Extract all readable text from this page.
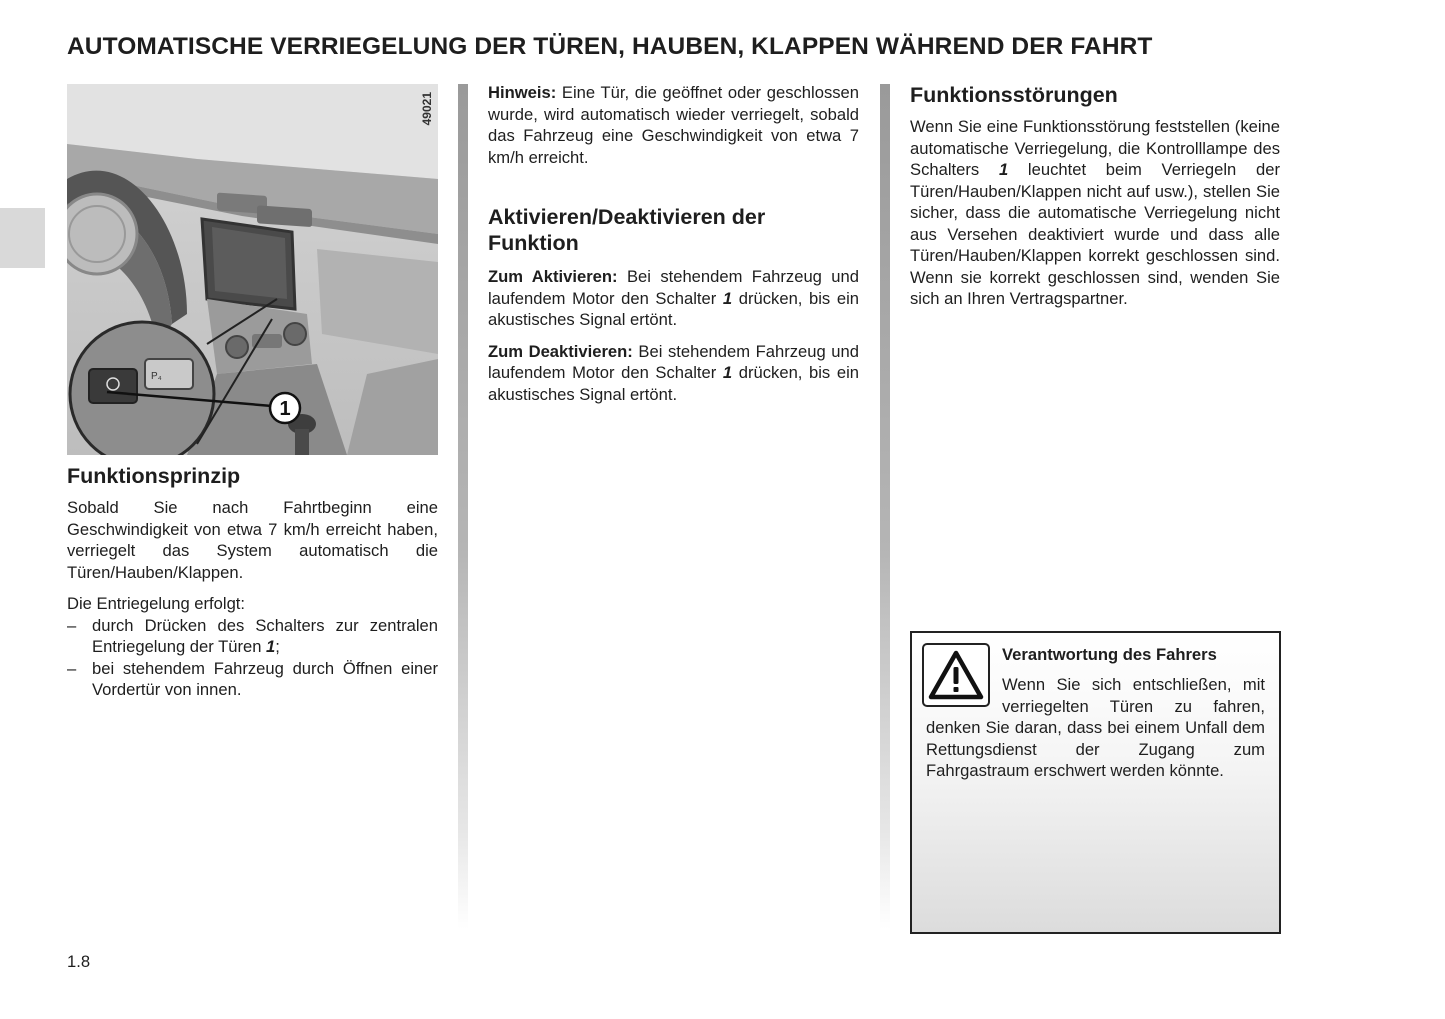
AUTOMATISCHE VERRIEGELUNG DER TÜREN, HAUBEN, KLAPPEN WÄHREND DER FAHRT
P₄
1
49021
Funktionsprinzip

Sobald Sie nach Fahrtbeginn eine Geschwindigkeit von etwa 7 km/h erreicht haben, verriegelt das System automatisch die Türen/Hauben/Klappen.

Die Entriegelung erfolgt:

– durch Drücken des Schalters zur zentralen Entriegelung der Türen 1;
– bei stehendem Fahrzeug durch Öffnen einer Vordertür von innen.

Hinweis: Eine Tür, die geöffnet oder geschlossen wurde, wird automatisch wieder verriegelt, sobald das Fahrzeug eine Geschwindigkeit von etwa 7 km/h erreicht.

Aktivieren/Deaktivieren der Funktion

Zum Aktivieren: Bei stehendem Fahrzeug und laufendem Motor den Schalter 1 drücken, bis ein akustisches Signal ertönt.

Zum Deaktivieren: Bei stehendem Fahrzeug und laufendem Motor den Schalter 1 drücken, bis ein akustisches Signal ertönt.

Funktionsstörungen

Wenn Sie eine Funktionsstörung feststellen (keine automatische Verriegelung, die Kontrolllampe des Schalters 1 leuchtet beim Verriegeln der Türen/Hauben/Klappen nicht auf usw.), stellen Sie sicher, dass die automatische Verriegelung nicht aus Versehen deaktiviert wurde und dass alle Türen/Hauben/Klappen korrekt geschlossen sind. Wenn sie korrekt geschlossen sind, wenden Sie sich an Ihren Vertragspartner.

Verantwortung des Fahrers

Wenn Sie sich entschließen, mit verriegelten Türen zu fahren, denken Sie daran, dass bei einem Unfall dem Rettungsdienst der Zugang zum Fahrgastraum erschwert werden könnte.

1.8
